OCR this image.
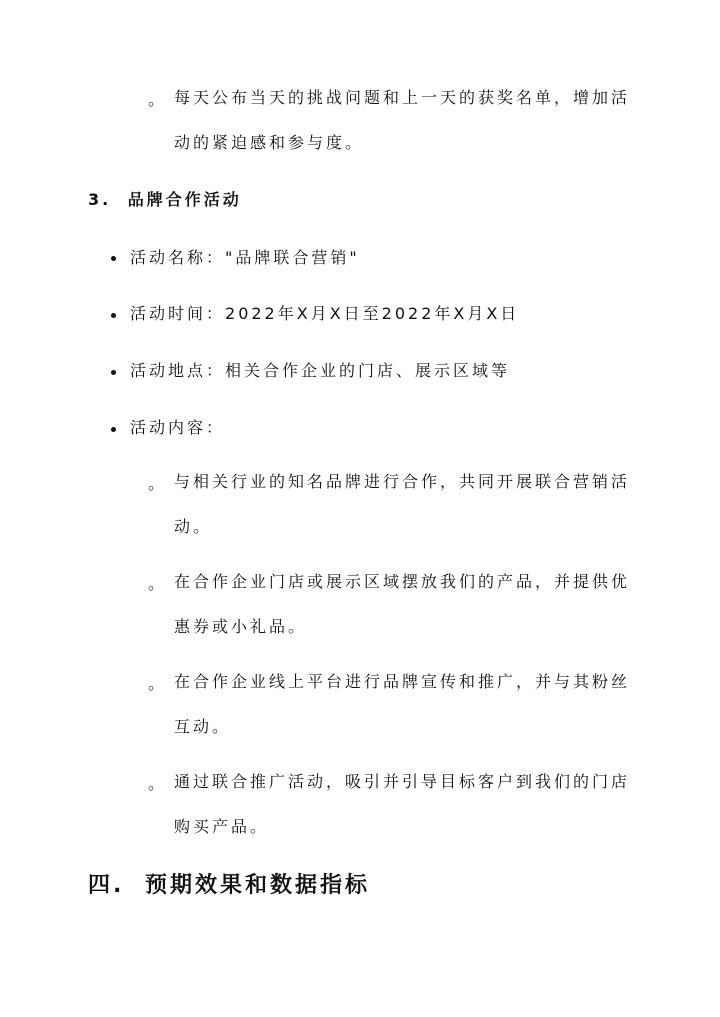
。 每天公布当天的挑战问题和上一天的获奖名单，增加活
动的紧迫感和参与度。
3. 品牌合作活动
活动名称："品牌联合营销"
活动时间：2022年X月X日至2022年X月X日
活动地点：相关合作企业的门店、展示区域等
活动内容：
。 与相关行业的知名品牌进行合作，共同开展联合营销活
动。
。 在合作企业门店或展示区域摆放我们的产品，并提供优
惠券或小礼品。
。 在合作企业线上平台进行品牌宣传和推广，并与其粉丝
互动。
。 通过联合推广活动，吸引并引导目标客户到我们的门店
购买产品。
四. 预期效果和数据指标
